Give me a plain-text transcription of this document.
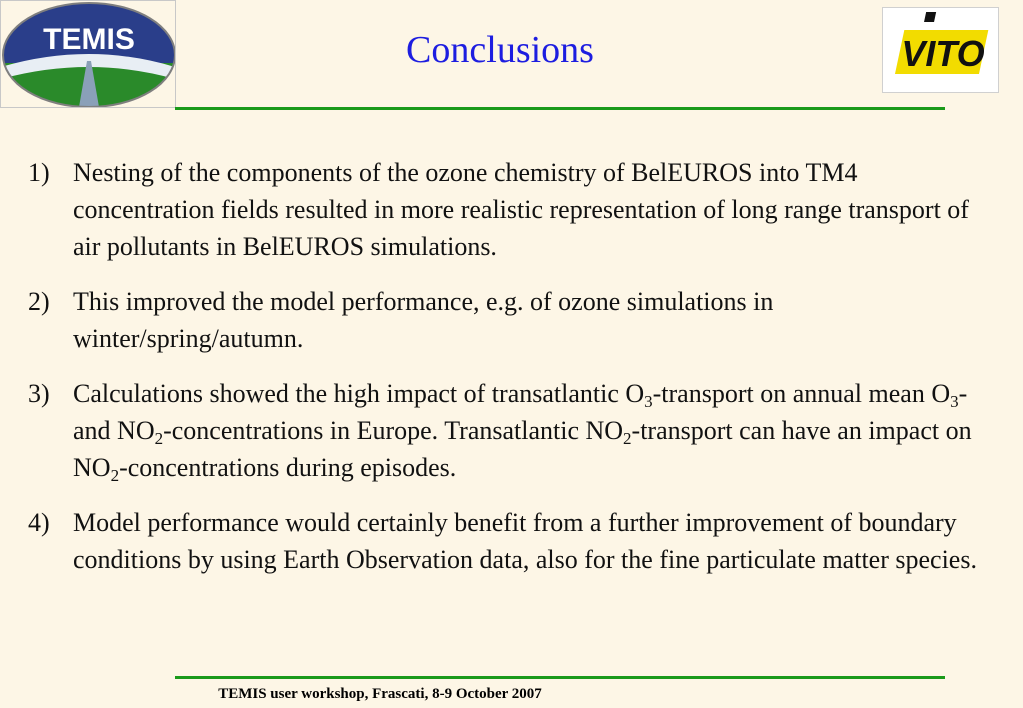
TEMIS	Conclusions	VITO
1) Nesting of the components of the ozone chemistry of BelEUROS into TM4 concentration fields resulted in more realistic representation of long range transport of air pollutants in BelEUROS simulations.
2) This improved the model performance, e.g. of ozone simulations in winter/spring/autumn.
3) Calculations showed the high impact of transatlantic $O_3$-transport on annual mean $O_3-$ and $NO_2$-concentrations in Europe. Transatlantic $NO_2$-transport can have an impact on $NO_2$-concentrations during episodes.
4) Model performance would certainly benefit from a further improvement of boundary conditions by using Earth Observation data, also for the fine particulate matter species.
TEMIS user workshop, Frascati, 8-9 October 2007
